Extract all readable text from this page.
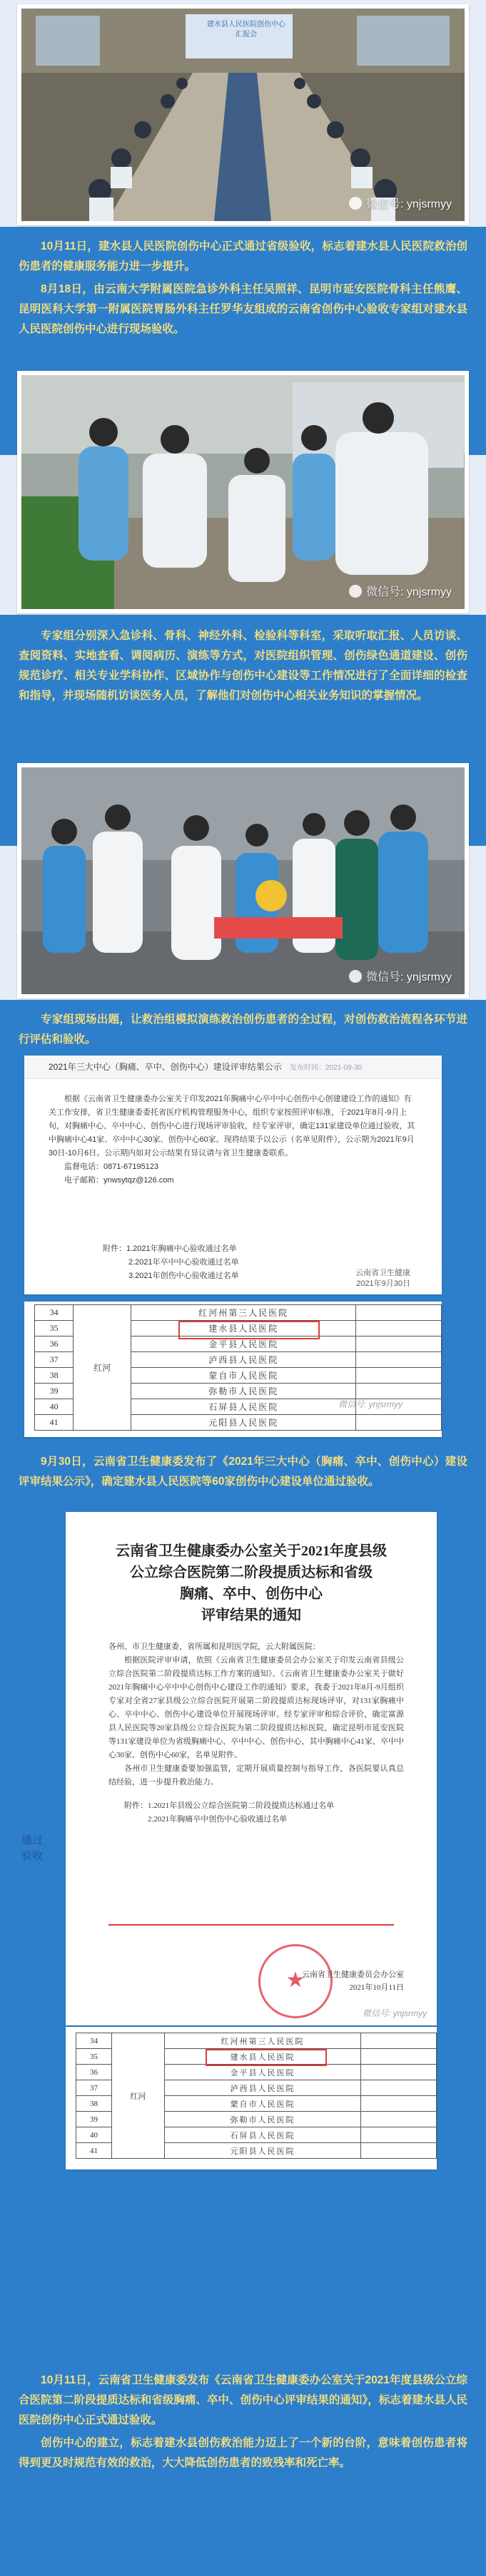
建水县人民医院创伤中心
汇报会
微信号: ynjsrmyy

10月11日，建水县人民医院创伤中心正式通过省级验收，标志着建水县人民医院救治创伤患者的健康服务能力进一步提升。

8月18日，由云南大学附属医院急诊外科主任吴照祥、昆明市延安医院骨科主任熊鹰、昆明医科大学第一附属医院胃肠外科主任罗华友组成的云南省创伤中心验收专家组对建水县人民医院创伤中心进行现场验收。

微信号: ynjsrmyy

专家组分别深入急诊科、骨科、神经外科、检验科等科室，采取听取汇报、人员访谈、查阅资料、实地查看、调阅病历、演练等方式，对医院组织管理、创伤绿色通道建设、创伤规范诊疗、相关专业学科协作、区域协作与创伤中心建设等工作情况进行了全面详细的检查和指导，并现场随机访谈医务人员，了解他们对创伤中心相关业务知识的掌握情况。

微信号: ynjsrmyy

专家组现场出题，让救治组模拟演练救治创伤患者的全过程，对创伤救治流程各环节进行评估和验收。

2021年三大中心（胸痛、卒中、创伤中心）建设评审结果公示 发布时间：2021-09-30

根据《云南省卫生健康委办公室关于印发2021年胸痛中心卒中中心创伤中心创建建设工作的通知》有关工作安排，省卫生健康委委托省医疗机构管理服务中心，组织专家按照评审标准，于2021年8月-9月上旬，对胸痛中心、卒中中心、创伤中心进行现场评审验收，经专家评审，确定131家建设单位通过验收，其中胸痛中心41家、卒中中心30家、创伤中心60家。现将结果予以公示（名单见附件），公示期为2021年9月30日-10月6日。公示期内如对公示结果有异议请与省卫生健康委联系。

监督电话：0871-67195123
电子邮箱：ynwsytqz@126.com
附件：1.2021年胸痛中心验收通过名单
2.2021年卒中中心验收通过名单
3.2021年创伤中心验收通过名单	云南省卫生健康
2021年9月30日
公示
34	红河	红河州第三人民医院	
35		建水县人民医院	
36		金平县人民医院	
37		泸西县人民医院	
38		蒙自市人民医院	
39		弥勒市人民医院	
40		石屏县人民医院	
41		元阳县人民医院	
微信号: ynjsrmyy

9月30日，云南省卫生健康委发布了《2021年三大中心（胸痛、卒中、创伤中心）建设评审结果公示》，确定建水县人民医院等60家创伤中心建设单位通过验收。

云南省卫生健康委办公室关于2021年度县级
公立综合医院第二阶段提质达标和省级
胸痛、卒中、创伤中心
评审结果的通知
各州、市卫生健康委，省所属和昆明医学院，云大附属医院：

根据医院评审申请，依照《云南省卫生健康委员会办公室关于印发云南省县级公立综合医院第二阶段提质达标工作方案的通知》、《云南省卫生健康委办公室关于做好2021年胸痛中心卒中中心创伤中心建设工作的通知》要求，我委于2021年8月-9月组织专家对全省27家县级公立综合医院开展第二阶段提质达标现场评审，对131家胸痛中心、卒中中心、创伤中心建设单位开展现场评审。经专家评审和综合评价，确定富源县人民医院等20家县级公立综合医院为第二阶段提质达标医院，确定昆明市延安医院等131家建设单位为省级胸痛中心、卒中中心、创伤中心，其中胸痛中心41家、卒中中心30家、创伤中心60家，名单见附件。

各州市卫生健康委要加强监管，定期开展质量控制与指导工作，各医院要认真总结经验，进一步提升救治能力。

附件：1.2021年县级公立综合医院第二阶段提质达标通过名单
2.2021年胸痛卒中创伤中心验收通过名单
★
云南省卫生健康委员会办公室
2021年10月11日
微信号: ynjsrmyy
通过
验收
34	红河	红河州第三人民医院	
35		建水县人民医院	
36		金平县人民医院	
37		泸西县人民医院	
38		蒙自市人民医院	
39		弥勒市人民医院	
40		石屏县人民医院	
41		元阳县人民医院	

10月11日，云南省卫生健康委发布《云南省卫生健康委办公室关于2021年度县级公立综合医院第二阶段提质达标和省级胸痛、卒中、创伤中心评审结果的通知》，标志着建水县人民医院创伤中心正式通过验收。

创伤中心的建立，标志着建水县创伤救治能力迈上了一个新的台阶，意味着创伤患者将得到更及时规范有效的救治，大大降低创伤患者的致残率和死亡率。
